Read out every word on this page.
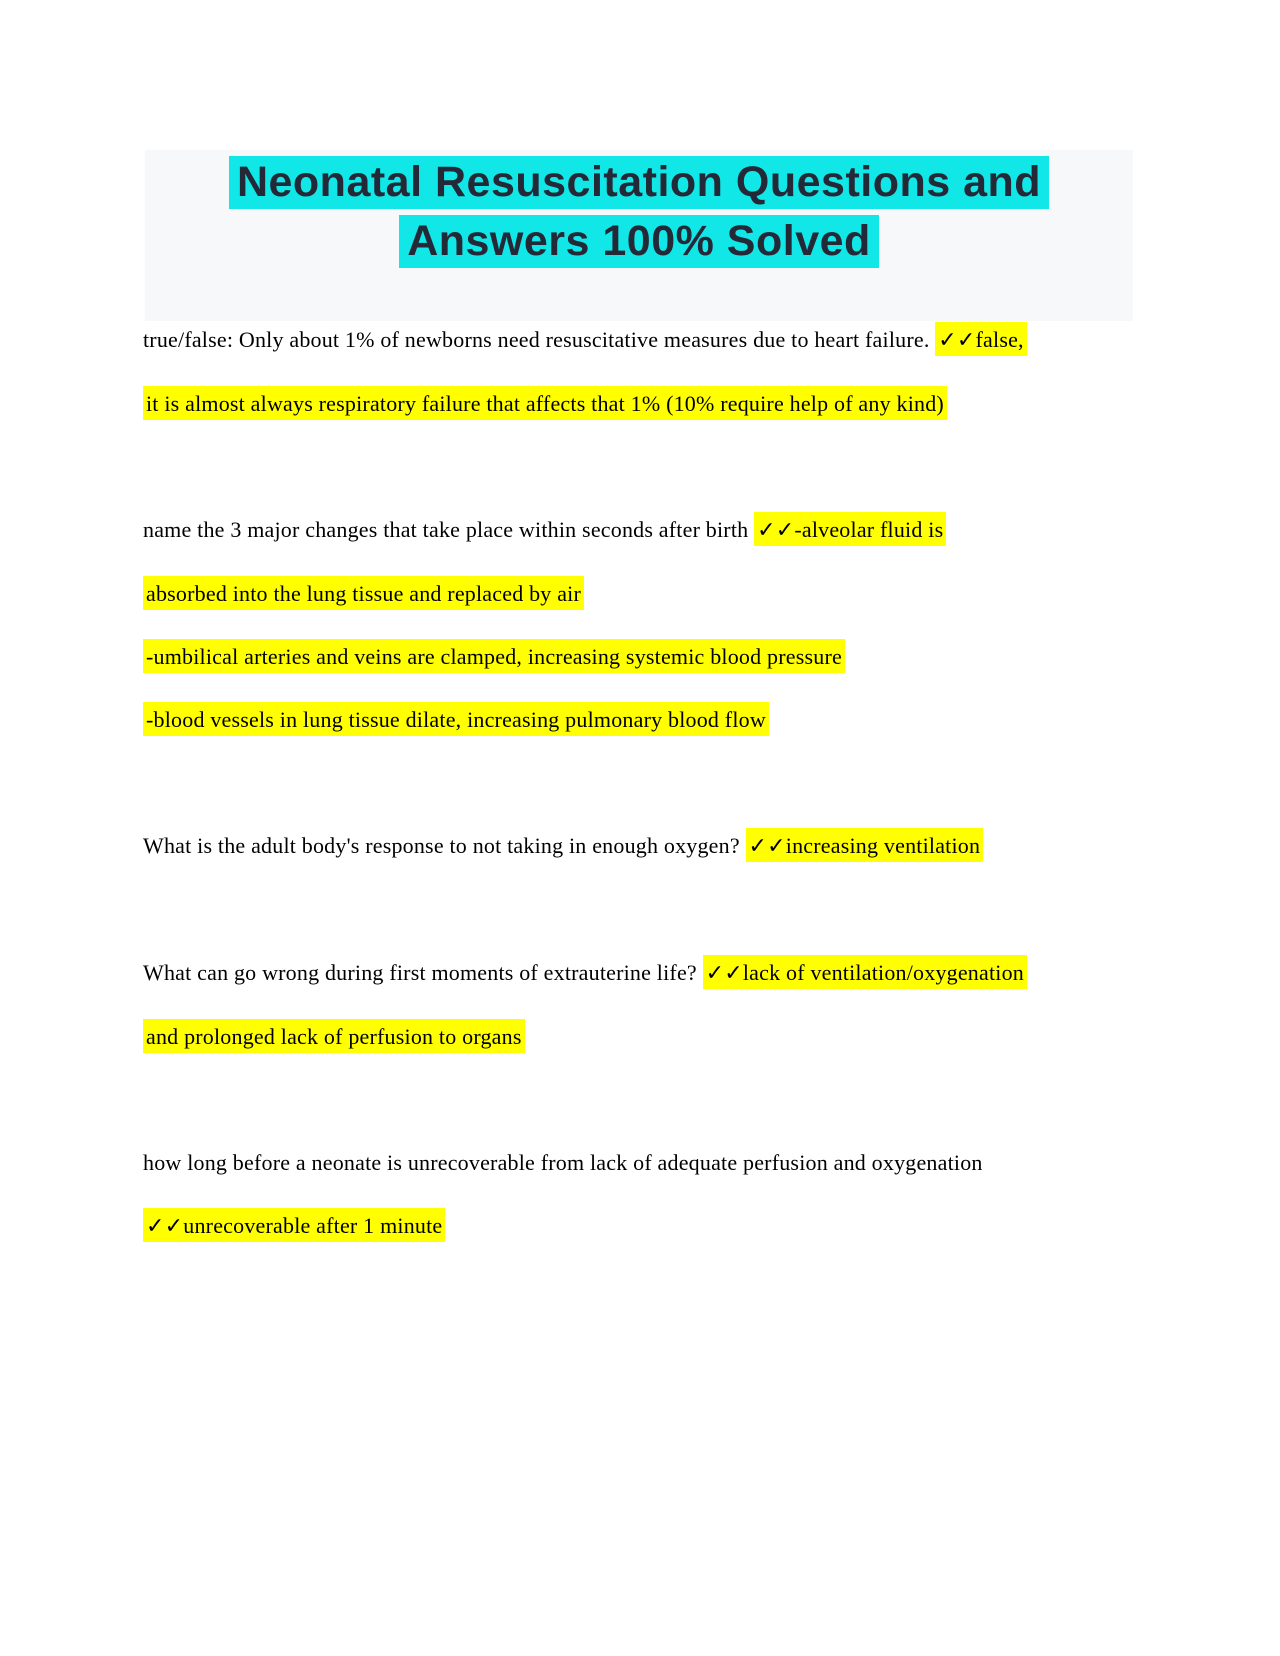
Neonatal Resuscitation Questions and
Answers 100% Solved
true/false: Only about 1% of newborns need resuscitative measures due to heart failure. ✓✓false,
it is almost always respiratory failure that affects that 1% (10% require help of any kind)
name the 3 major changes that take place within seconds after birth ✓✓-alveolar fluid is
absorbed into the lung tissue and replaced by air
-umbilical arteries and veins are clamped, increasing systemic blood pressure
-blood vessels in lung tissue dilate, increasing pulmonary blood flow
What is the adult body's response to not taking in enough oxygen? ✓✓increasing ventilation
What can go wrong during first moments of extrauterine life? ✓✓lack of ventilation/oxygenation
and prolonged lack of perfusion to organs
how long before a neonate is unrecoverable from lack of adequate perfusion and oxygenation
✓✓unrecoverable after 1 minute
